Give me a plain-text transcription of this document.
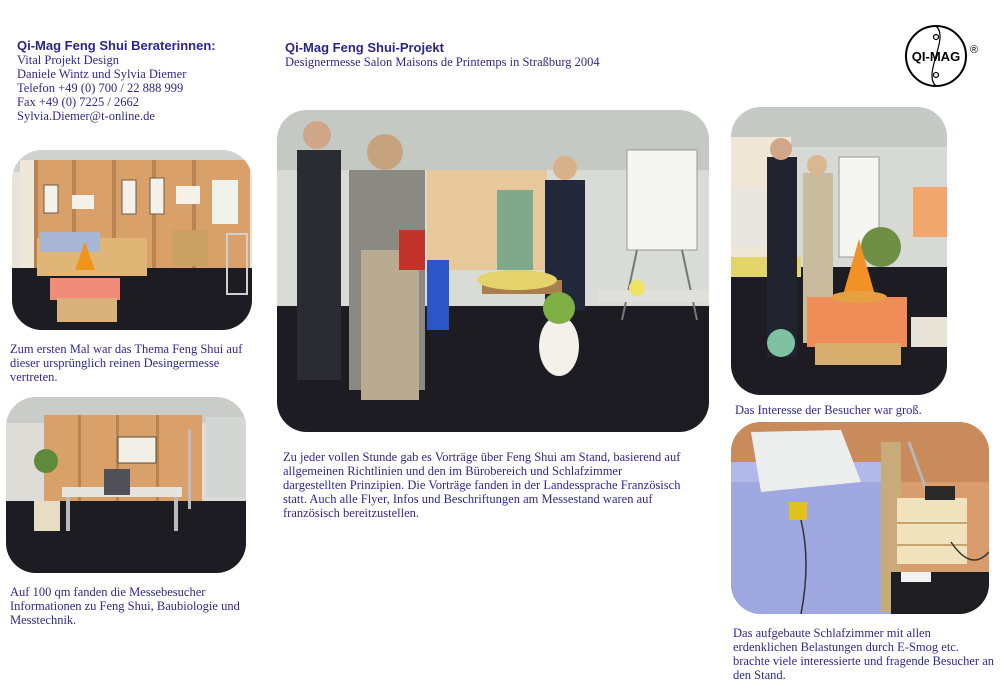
Qi-Mag Feng Shui Beraterinnen:
Vital Projekt Design
Daniele Wintz und Sylvia Diemer
Telefon +49 (0) 700 / 22 888 999
Fax +49 (0) 7225 / 2662
Sylvia.Diemer@t-online.de
Qi-Mag Feng Shui-Projekt
Designermesse Salon Maisons de Printemps in Straßburg 2004	QI-MAG ®
Zum ersten Mal war das Thema Feng Shui auf dieser ursprünglich reinen Desingermesse vertreten.
Auf 100 qm fanden die Messebesucher Informationen zu Feng Shui, Baubiologie und Messtechnik.
Zu jeder vollen Stunde gab es Vorträge über Feng Shui am Stand, basierend auf allgemeinen Richtlinien und den im Bürobereich und Schlafzimmer dargestellten Prinzipien. Die Vorträge fanden in der Landessprache Französisch statt. Auch alle Flyer, Infos und Beschriftungen am Messestand waren auf französisch bereitzustellen.
Das Interesse der Besucher war groß.
Das aufgebaute Schlafzimmer mit allen erdenklichen Belastungen durch E-Smog etc. brachte viele interessierte und fragende Besucher an den Stand.
